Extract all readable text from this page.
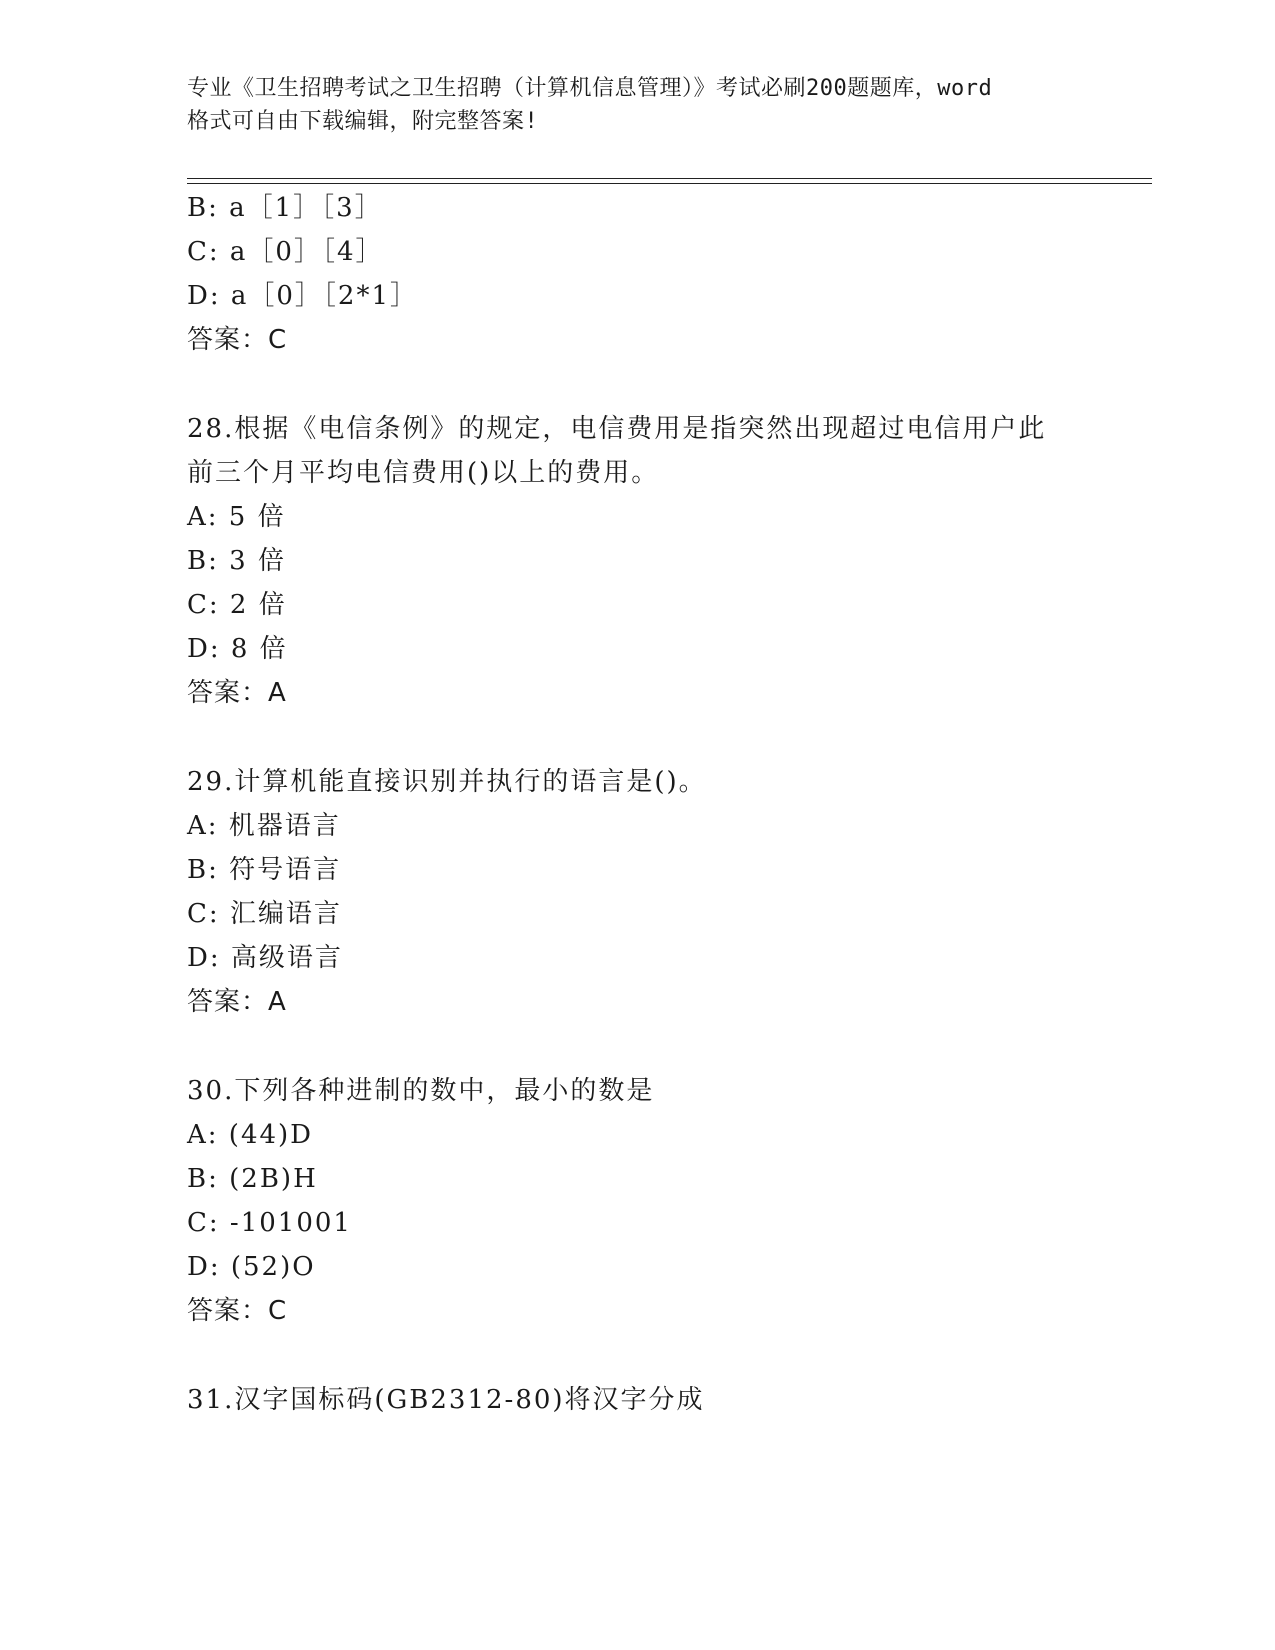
专业《卫生招聘考试之卫生招聘（计算机信息管理）》考试必刷200题题库，word
格式可自由下载编辑，附完整答案!
B: a［1］［3］
C: a［0］［4］
D: a［0］［2*1］
答案：C
28.根据《电信条例》的规定，电信费用是指突然出现超过电信用户此
前三个月平均电信费用()以上的费用。
A: 5 倍
B: 3 倍
C: 2 倍
D: 8 倍
答案：A
29.计算机能直接识别并执行的语言是()。
A: 机器语言
B: 符号语言
C: 汇编语言
D: 高级语言
答案：A
30.下列各种进制的数中，最小的数是
A: (44)D
B: (2B)H
C: -101001
D: (52)O
答案：C
31.汉字国标码(GB2312-80)将汉字分成
